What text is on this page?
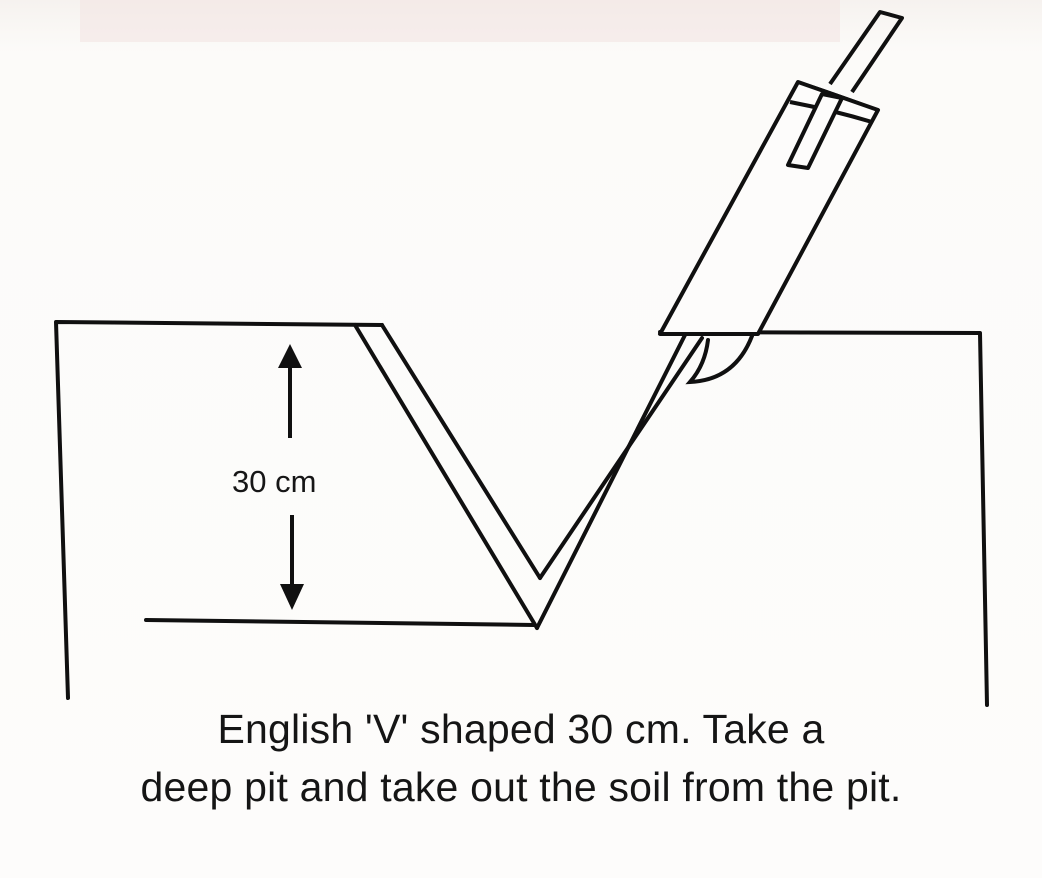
30 cm
English 'V' shaped 30 cm. Take a
deep pit and take out the soil from the pit.
